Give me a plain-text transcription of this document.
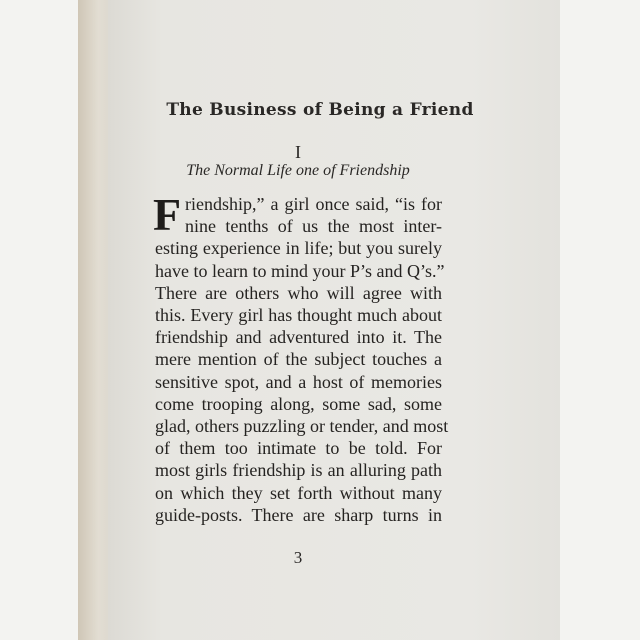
The Business of Being a Friend
I
The Normal Life one of Friendship
F riendship,” a girl once said, “is for
nine tenths of us the most inter-
esting experience in life; but you surely
have to learn to mind your P’s and Q’s.”
There are others who will agree with
this. Every girl has thought much about
friendship and adventured into it. The
mere mention of the subject touches a
sensitive spot, and a host of memories
come trooping along, some sad, some
glad, others puzzling or tender, and most
of them too intimate to be told. For
most girls friendship is an alluring path
on which they set forth without many
guide-posts. There are sharp turns in
3
